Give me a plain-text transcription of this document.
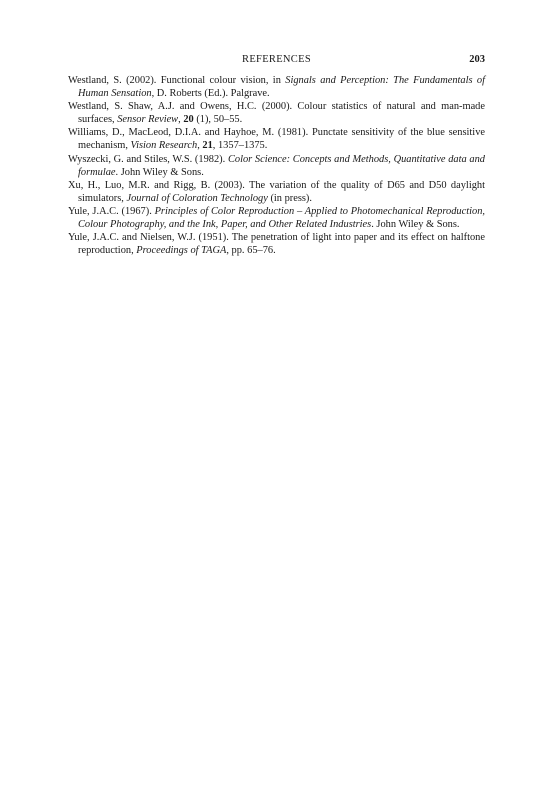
REFERENCES	203
Westland, S. (2002). Functional colour vision, in Signals and Perception: The Fundamentals of Human Sensation, D. Roberts (Ed.). Palgrave.
Westland, S. Shaw, A.J. and Owens, H.C. (2000). Colour statistics of natural and man-made surfaces, Sensor Review, 20 (1), 50–55.
Williams, D., MacLeod, D.I.A. and Hayhoe, M. (1981). Punctate sensitivity of the blue sensitive mechanism, Vision Research, 21, 1357–1375.
Wyszecki, G. and Stiles, W.S. (1982). Color Science: Concepts and Methods, Quantitative data and formulae. John Wiley & Sons.
Xu, H., Luo, M.R. and Rigg, B. (2003). The variation of the quality of D65 and D50 daylight simulators, Journal of Coloration Technology (in press).
Yule, J.A.C. (1967). Principles of Color Reproduction – Applied to Photomechanical Reproduction, Colour Photography, and the Ink, Paper, and Other Related Industries. John Wiley & Sons.
Yule, J.A.C. and Nielsen, W.J. (1951). The penetration of light into paper and its effect on halftone reproduction, Proceedings of TAGA, pp. 65–76.
